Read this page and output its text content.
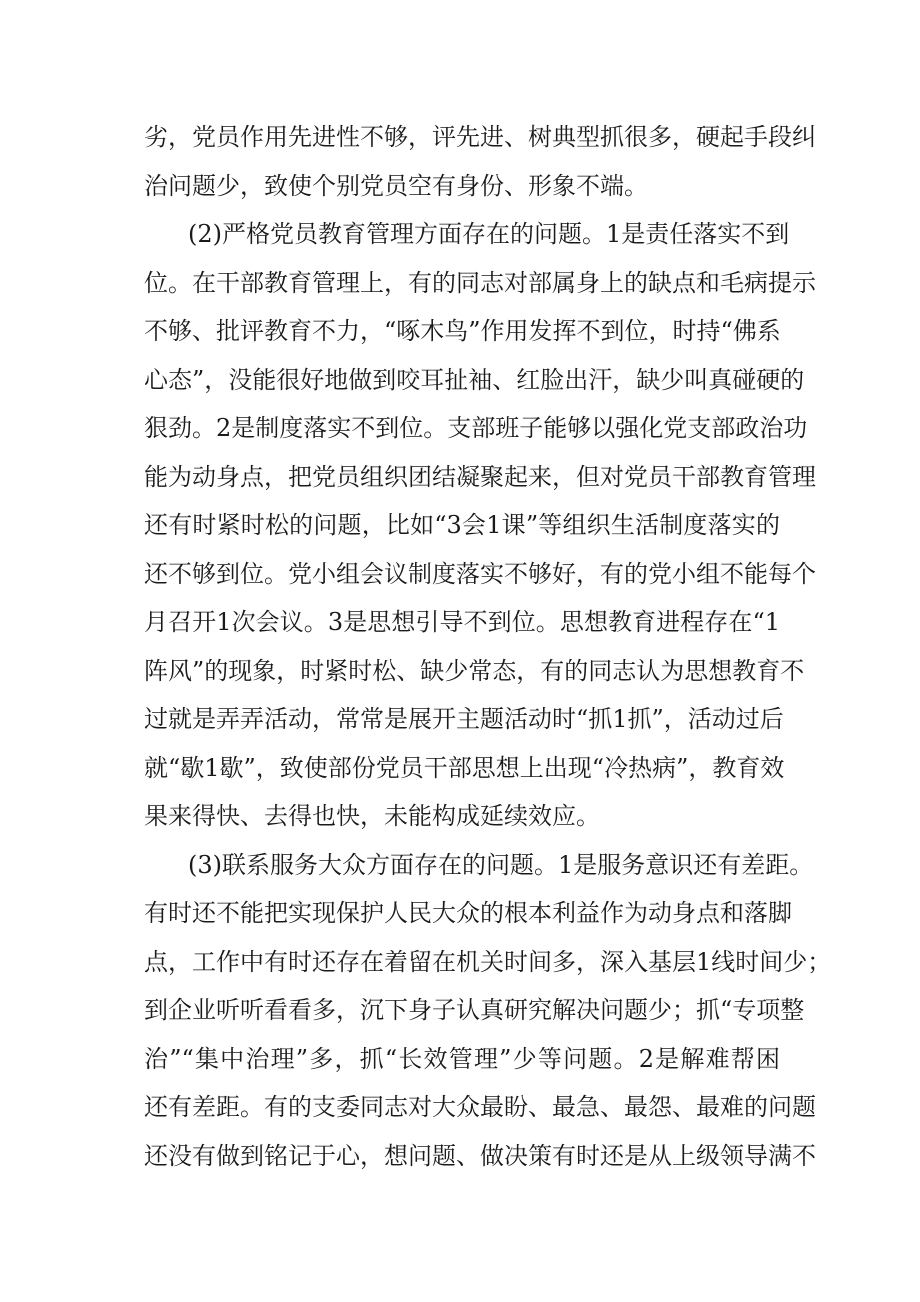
劣，党员作用先进性不够，评先进、树典型抓很多，硬起手段纠
治问题少，致使个别党员空有身份、形象不端。
(2)严格党员教育管理方面存在的问题。1是责任落实不到
位。在干部教育管理上，有的同志对部属身上的缺点和毛病提示
不够、批评教育不力，“啄木鸟”作用发挥不到位，时持“佛系
心态”，没能很好地做到咬耳扯袖、红脸出汗，缺少叫真碰硬的
狠劲。2是制度落实不到位。支部班子能够以强化党支部政治功
能为动身点，把党员组织团结凝聚起来，但对党员干部教育管理
还有时紧时松的问题，比如“3会1课”等组织生活制度落实的
还不够到位。党小组会议制度落实不够好，有的党小组不能每个
月召开1次会议。3是思想引导不到位。思想教育进程存在“1
阵风”的现象，时紧时松、缺少常态，有的同志认为思想教育不
过就是弄弄活动，常常是展开主题活动时“抓1抓”，活动过后
就“歇1歇”，致使部份党员干部思想上出现“冷热病”，教育效
果来得快、去得也快，未能构成延续效应。
(3)联系服务大众方面存在的问题。1是服务意识还有差距。
有时还不能把实现保护人民大众的根本利益作为动身点和落脚
点，工作中有时还存在着留在机关时间多，深入基层1线时间少；
到企业听听看看多，沉下身子认真研究解决问题少；抓“专项整
治”“集中治理”多，抓“长效管理”少等问题。2是解难帮困
还有差距。有的支委同志对大众最盼、最急、最怨、最难的问题
还没有做到铭记于心，想问题、做决策有时还是从上级领导满不
